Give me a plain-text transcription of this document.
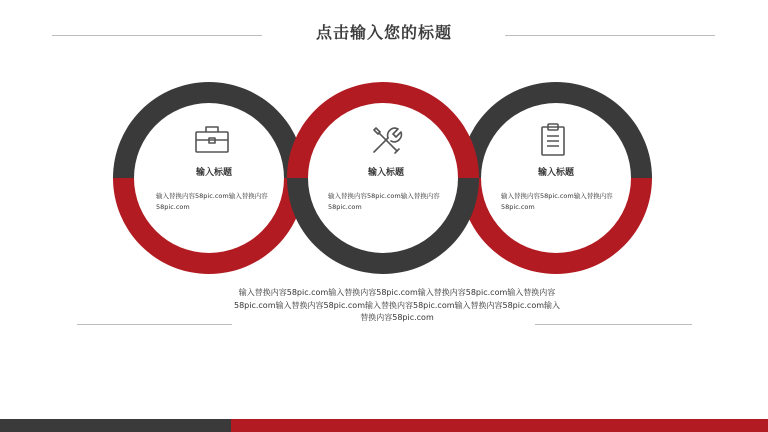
点击输入您的标题
输入标题
输入替换内容58pic.com输入替换内容58pic.com
输入标题
输入替换内容58pic.com输入替换内容58pic.com
输入标题
输入替换内容58pic.com输入替换内容58pic.com
输入替换内容58pic.com输入替换内容58pic.com输入替换内容58pic.com输入替换内容58pic.com输入替换内容58pic.com输入替换内容58pic.com输入替换内容58pic.com输入替换内容58pic.com
